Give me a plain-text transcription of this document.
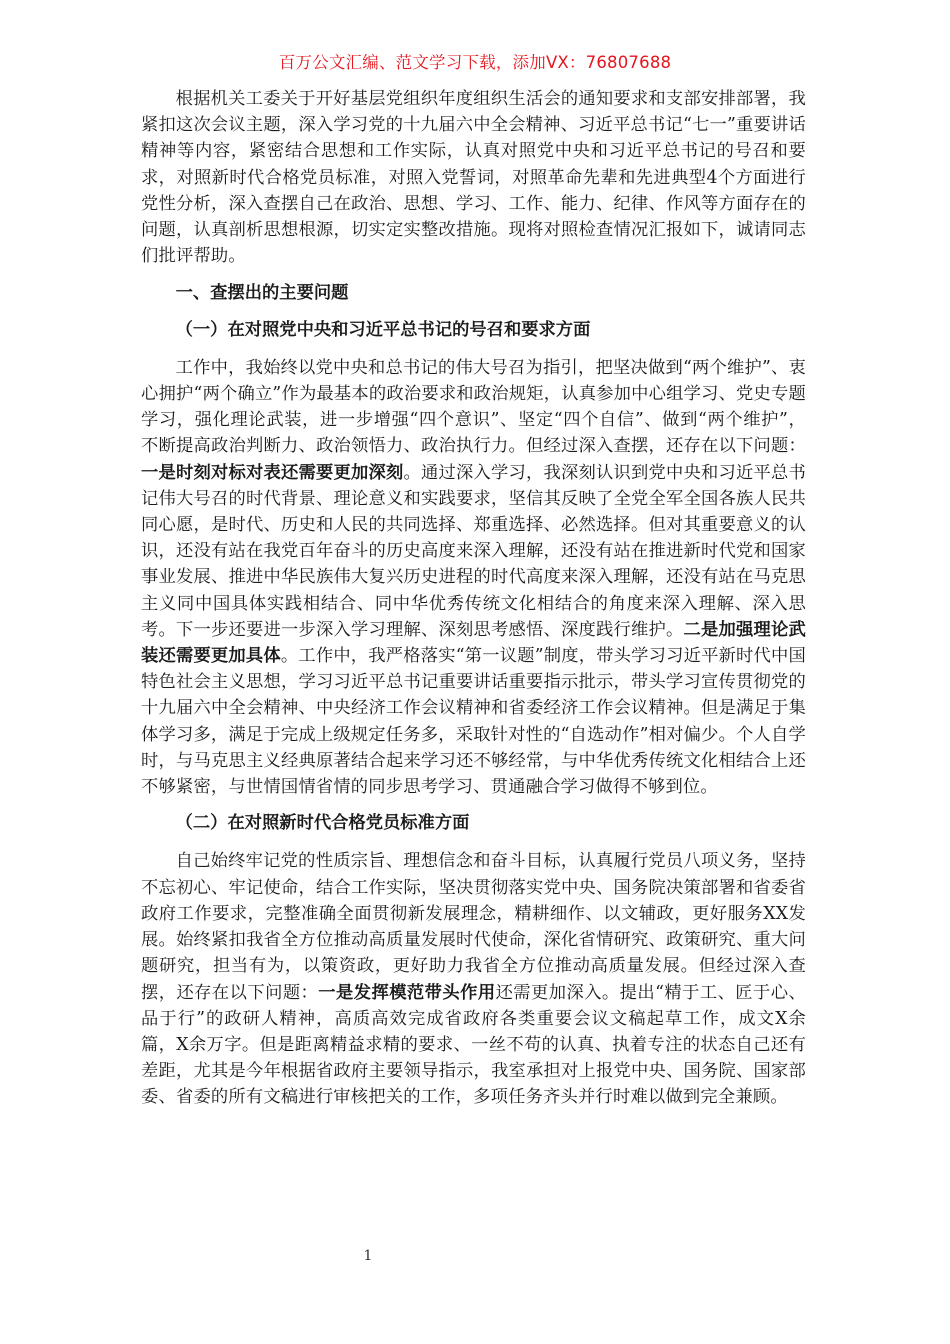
百万公文汇编、范文学习下载，添加VX：76807688

根据机关工委关于开好基层党组织年度组织生活会的通知要求和支部安排部署，我紧扣这次会议主题，深入学习党的十九届六中全会精神、习近平总书记“七一”重要讲话精神等内容，紧密结合思想和工作实际，认真对照党中央和习近平总书记的号召和要求，对照新时代合格党员标准，对照入党誓词，对照革命先辈和先进典型4个方面进行党性分析，深入查摆自己在政治、思想、学习、工作、能力、纪律、作风等方面存在的问题，认真剖析思想根源，切实定实整改措施。现将对照检查情况汇报如下，诚请同志们批评帮助。

一、查摆出的主要问题

（一）在对照党中央和习近平总书记的号召和要求方面

工作中，我始终以党中央和总书记的伟大号召为指引，把坚决做到“两个维护”、衷心拥护“两个确立”作为最基本的政治要求和政治规矩，认真参加中心组学习、党史专题学习，强化理论武装，进一步增强“四个意识”、坚定“四个自信”、做到“两个维护”，不断提高政治判断力、政治领悟力、政治执行力。但经过深入查摆，还存在以下问题：一是时刻对标对表还需要更加深刻。通过深入学习，我深刻认识到党中央和习近平总书记伟大号召的时代背景、理论意义和实践要求，坚信其反映了全党全军全国各族人民共同心愿，是时代、历史和人民的共同选择、郑重选择、必然选择。但对其重要意义的认识，还没有站在我党百年奋斗的历史高度来深入理解，还没有站在推进新时代党和国家事业发展、推进中华民族伟大复兴历史进程的时代高度来深入理解，还没有站在马克思主义同中国具体实践相结合、同中华优秀传统文化相结合的角度来深入理解、深入思考。下一步还要进一步深入学习理解、深刻思考感悟、深度践行维护。二是加强理论武装还需要更加具体。工作中，我严格落实“第一议题”制度，带头学习习近平新时代中国特色社会主义思想，学习习近平总书记重要讲话重要指示批示，带头学习宣传贯彻党的十九届六中全会精神、中央经济工作会议精神和省委经济工作会议精神。但是满足于集体学习多，满足于完成上级规定任务多，采取针对性的“自选动作”相对偏少。个人自学时，与马克思主义经典原著结合起来学习还不够经常，与中华优秀传统文化相结合上还不够紧密，与世情国情省情的同步思考学习、贯通融合学习做得不够到位。

（二）在对照新时代合格党员标准方面

自己始终牢记党的性质宗旨、理想信念和奋斗目标，认真履行党员八项义务，坚持不忘初心、牢记使命，结合工作实际，坚决贯彻落实党中央、国务院决策部署和省委省政府工作要求，完整准确全面贯彻新发展理念，精耕细作、以文辅政，更好服务XX发展。始终紧扣我省全方位推动高质量发展时代使命，深化省情研究、政策研究、重大问题研究，担当有为，以策资政，更好助力我省全方位推动高质量发展。但经过深入查摆，还存在以下问题：一是发挥模范带头作用还需更加深入。提出“精于工、匠于心、品于行”的政研人精神，高质高效完成省政府各类重要会议文稿起草工作，成文X余篇，X余万字。但是距离精益求精的要求、一丝不苟的认真、执着专注的状态自己还有差距，尤其是今年根据省政府主要领导指示，我室承担对上报党中央、国务院、国家部委、省委的所有文稿进行审核把关的工作，多项任务齐头并行时难以做到完全兼顾。

1
